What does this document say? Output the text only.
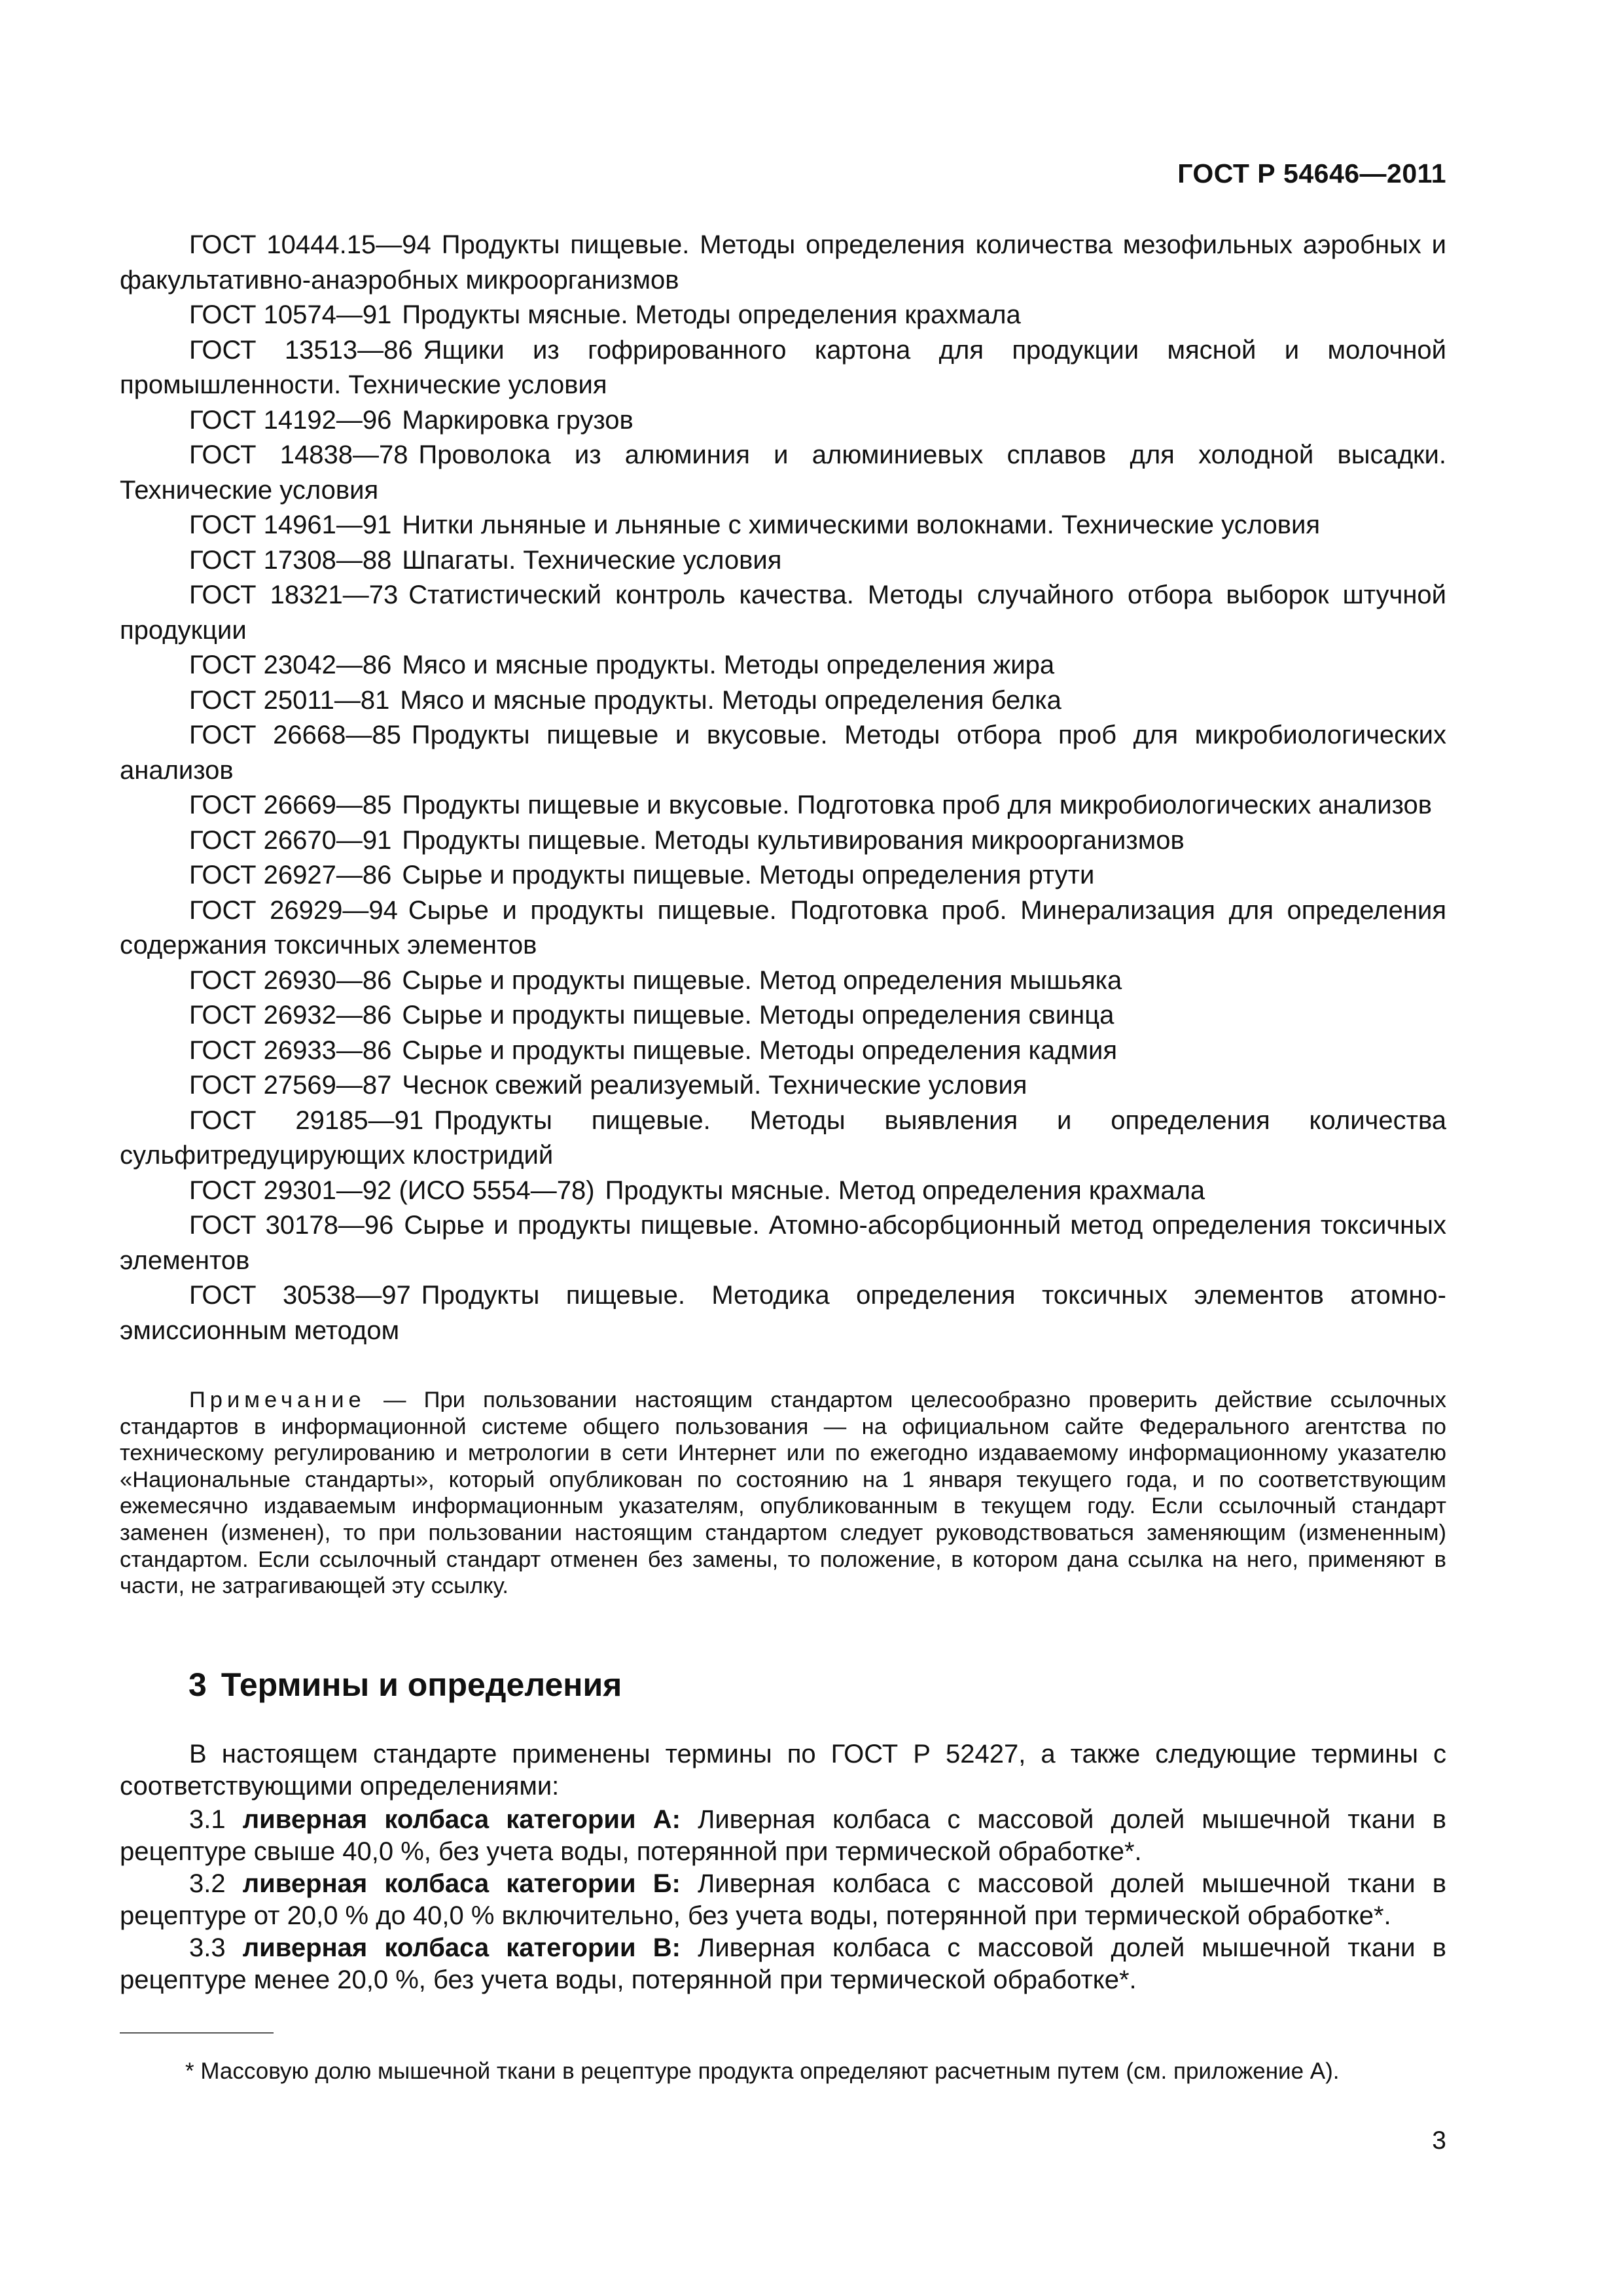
ГОСТ Р 54646—2011
ГОСТ 10444.15—94 Продукты пищевые. Методы определения количества мезофильных аэробных и факультативно-анаэробных микроорганизмов
ГОСТ 10574—91 Продукты мясные. Методы определения крахмала
ГОСТ 13513—86 Ящики из гофрированного картона для продукции мясной и молочной промышленности. Технические условия
ГОСТ 14192—96 Маркировка грузов
ГОСТ 14838—78 Проволока из алюминия и алюминиевых сплавов для холодной высадки. Технические условия
ГОСТ 14961—91 Нитки льняные и льняные с химическими волокнами. Технические условия
ГОСТ 17308—88 Шпагаты. Технические условия
ГОСТ 18321—73 Статистический контроль качества. Методы случайного отбора выборок штучной продукции
ГОСТ 23042—86 Мясо и мясные продукты. Методы определения жира
ГОСТ 25011—81 Мясо и мясные продукты. Методы определения белка
ГОСТ 26668—85 Продукты пищевые и вкусовые. Методы отбора проб для микробиологических анализов
ГОСТ 26669—85 Продукты пищевые и вкусовые. Подготовка проб для микробиологических анализов
ГОСТ 26670—91 Продукты пищевые. Методы культивирования микроорганизмов
ГОСТ 26927—86 Сырье и продукты пищевые. Методы определения ртути
ГОСТ 26929—94 Сырье и продукты пищевые. Подготовка проб. Минерализация для определения содержания токсичных элементов
ГОСТ 26930—86 Сырье и продукты пищевые. Метод определения мышьяка
ГОСТ 26932—86 Сырье и продукты пищевые. Методы определения свинца
ГОСТ 26933—86 Сырье и продукты пищевые. Методы определения кадмия
ГОСТ 27569—87 Чеснок свежий реализуемый. Технические условия
ГОСТ 29185—91 Продукты пищевые. Методы выявления и определения количества сульфитредуцирующих клостридий
ГОСТ 29301—92 (ИСО 5554—78) Продукты мясные. Метод определения крахмала
ГОСТ 30178—96 Сырье и продукты пищевые. Атомно-абсорбционный метод определения токсичных элементов
ГОСТ 30538—97 Продукты пищевые. Методика определения токсичных элементов атомно-эмиссионным методом
Примечание — При пользовании настоящим стандартом целесообразно проверить действие ссылочных стандартов в информационной системе общего пользования — на официальном сайте Федерального агентства по техническому регулированию и метрологии в сети Интернет или по ежегодно издаваемому информационному указателю «Национальные стандарты», который опубликован по состоянию на 1 января текущего года, и по соответствующим ежемесячно издаваемым информационным указателям, опубликованным в текущем году. Если ссылочный стандарт заменен (изменен), то при пользовании настоящим стандартом следует руководствоваться заменяющим (измененным) стандартом. Если ссылочный стандарт отменен без замены, то положение, в котором дана ссылка на него, применяют в части, не затрагивающей эту ссылку.
3 Термины и определения

В настоящем стандарте применены термины по ГОСТ Р 52427, а также следующие термины с соответствующими определениями:

3.1 ливерная колбаса категории А: Ливерная колбаса с массовой долей мышечной ткани в рецептуре свыше 40,0 %, без учета воды, потерянной при термической обработке*.

3.2 ливерная колбаса категории Б: Ливерная колбаса с массовой долей мышечной ткани в рецептуре от 20,0 % до 40,0 % включительно, без учета воды, потерянной при термической обработке*.

3.3 ливерная колбаса категории В: Ливерная колбаса с массовой долей мышечной ткани в рецептуре менее 20,0 %, без учета воды, потерянной при термической обработке*.

* Массовую долю мышечной ткани в рецептуре продукта определяют расчетным путем (см. приложение А).
3
